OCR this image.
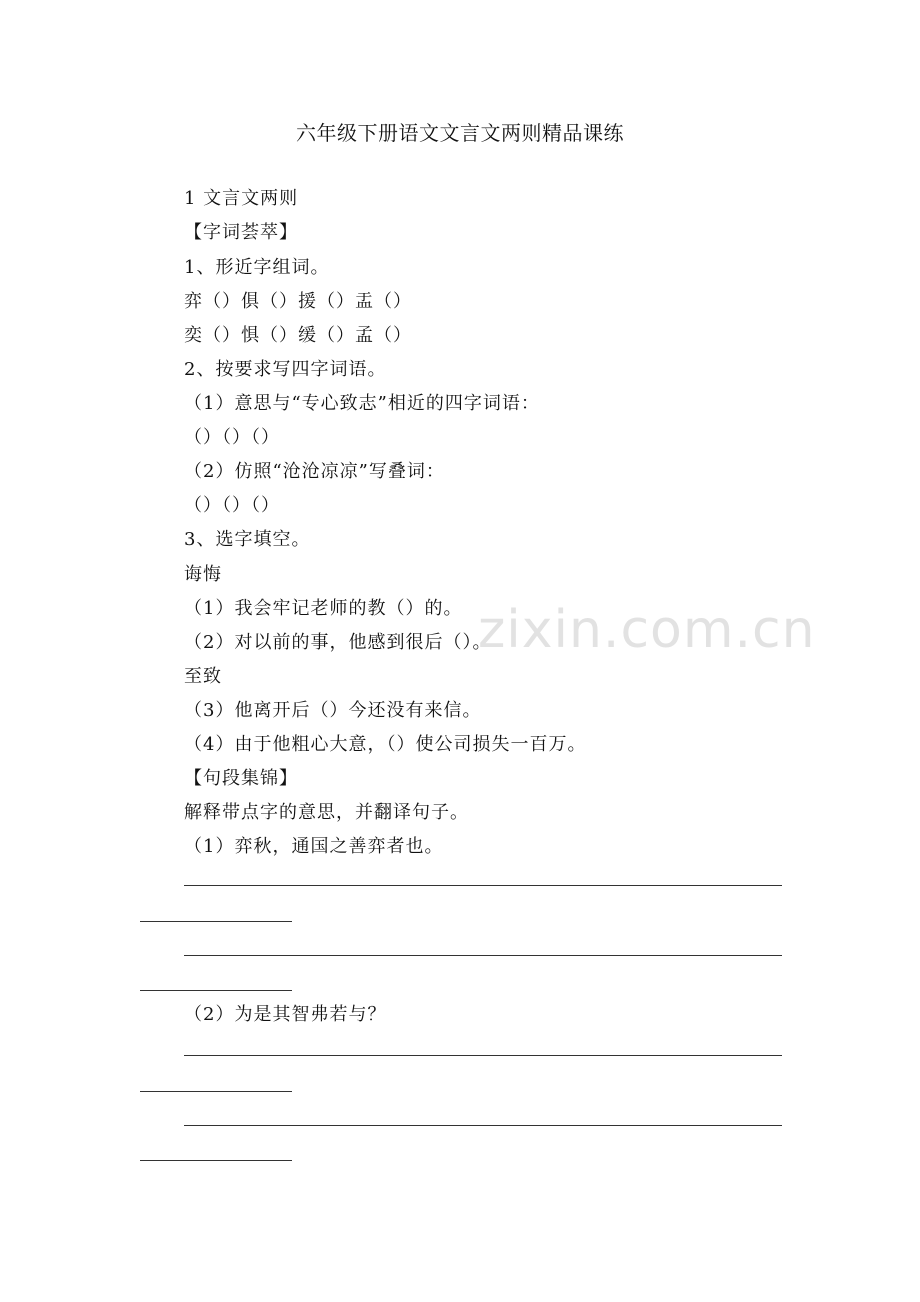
六年级下册语文文言文两则精品课练
zixin.com.cn
1 文言文两则
【字词荟萃】
1、形近字组词。
弈（）俱（）援（）盂（）
奕（）惧（）缓（）孟（）
2、按要求写四字词语。
（1）意思与“专心致志”相近的四字词语：
（）（）（）
（2）仿照“沧沧凉凉”写叠词：
（）（）（）
3、选字填空。
诲悔
（1）我会牢记老师的教（）的。
（2）对以前的事，他感到很后（）。
至致
（3）他离开后（）今还没有来信。
（4）由于他粗心大意，（）使公司损失一百万。
【句段集锦】
解释带点字的意思，并翻译句子。
（1）弈秋，通国之善弈者也。
（2）为是其智弗若与？
